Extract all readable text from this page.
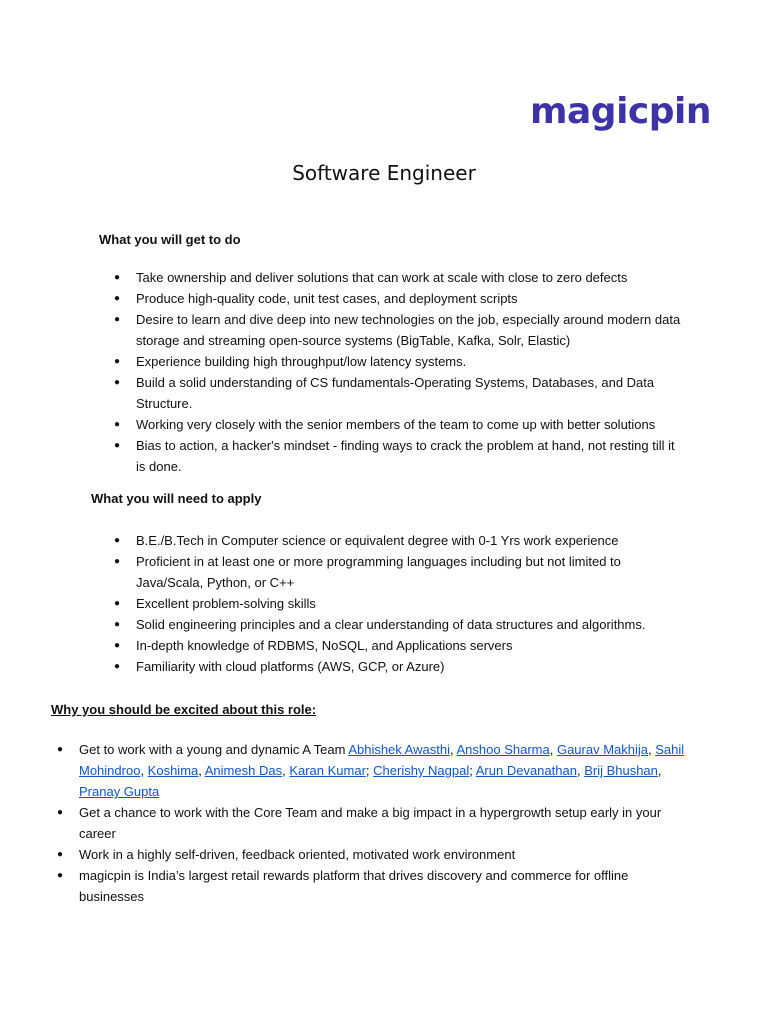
magicpin
Software Engineer
What you will get to do
● Take ownership and deliver solutions that can work at scale with close to zero defects
● Produce high-quality code, unit test cases, and deployment scripts
● Desire to learn and dive deep into new technologies on the job, especially around modern data storage and streaming open-source systems (BigTable, Kafka, Solr, Elastic)
● Experience building high throughput/low latency systems.
● Build a solid understanding of CS fundamentals-Operating Systems, Databases, and Data Structure.
● Working very closely with the senior members of the team to come up with better solutions
● Bias to action, a hacker's mindset - finding ways to crack the problem at hand, not resting till it is done.
What you will need to apply
● B.E./B.Tech in Computer science or equivalent degree with 0-1 Yrs work experience
● Proficient in at least one or more programming languages including but not limited to Java/Scala, Python, or C++
● Excellent problem-solving skills
● Solid engineering principles and a clear understanding of data structures and algorithms.
● In-depth knowledge of RDBMS, NoSQL, and Applications servers
● Familiarity with cloud platforms (AWS, GCP, or Azure)
Why you should be excited about this role:
● Get to work with a young and dynamic A Team Abhishek Awasthi, Anshoo Sharma, Gaurav Makhija, Sahil Mohindroo, Koshima, Animesh Das, Karan Kumar; Cherishy Nagpal; Arun Devanathan, Brij Bhushan, Pranay Gupta
● Get a chance to work with the Core Team and make a big impact in a hypergrowth setup early in your career
● Work in a highly self-driven, feedback oriented, motivated work environment
● magicpin is India’s largest retail rewards platform that drives discovery and commerce for offline businesses
